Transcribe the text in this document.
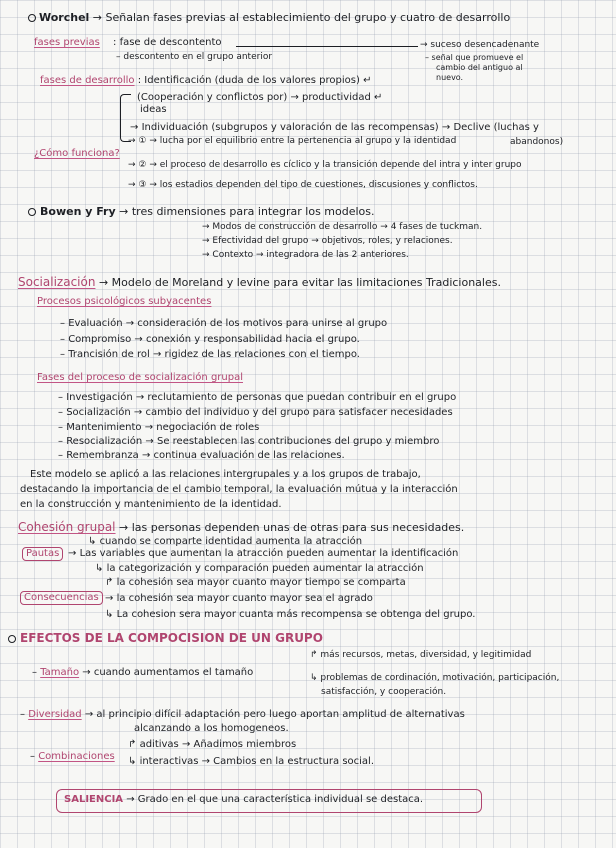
Worchel → Señalan fases previas al establecimiento del grupo y cuatro de desarrollo
fases previas : fase de descontento	→ suceso desencadenante
– descontento en el grupo anterior	– señal que promueve el
cambio del antiguo al
nuevo.
fases de desarrollo : Identificación (duda de los valores propios) ↵
(Cooperación y conflictos por) → productividad ↵
ideas
→ Individuación (subgrupos y valoración de las recompensas) → Declive (luchas y
abandonos)
¿Cómo funciona?
→ ① → lucha por el equilibrio entre la pertenencia al grupo y la identidad
→ ② → el proceso de desarrollo es cíclico y la transición depende del intra y inter grupo
→ ③ → los estadios dependen del tipo de cuestiones, discusiones y conflictos.
Bowen y Fry → tres dimensiones para integrar los modelos.
→ Modos de construcción de desarrollo → 4 fases de tuckman.
→ Efectividad del grupo → objetivos, roles, y relaciones.
→ Contexto → integradora de las 2 anteriores.
Socialización → Modelo de Moreland y levine para evitar las limitaciones Tradicionales.
Procesos psicológicos subyacentes
– Evaluación → consideración de los motivos para unirse al grupo
– Compromiso → conexión y responsabilidad hacia el grupo.
– Trancisión de rol → rigidez de las relaciones con el tiempo.
Fases del proceso de socialización grupal
– Investigación → reclutamiento de personas que puedan contribuir en el grupo
– Socialización → cambio del individuo y del grupo para satisfacer necesidades
– Mantenimiento → negociación de roles
– Resocialización → Se reestablecen las contribuciones del grupo y miembro
– Remembranza → continua evaluación de las relaciones.
Este modelo se aplicó a las relaciones intergrupales y a los grupos de trabajo,
destacando la importancia de el cambio temporal, la evaluación mútua y la interacción
en la construcción y mantenimiento de la identidad.
Cohesión grupal → las personas dependen unas de otras para sus necesidades.
↳ cuando se comparte identidad aumenta la atracción
Pautas → Las variables que aumentan la atracción pueden aumentar la identificación
↳ la categorización y comparación pueden aumentar la atracción
Consecuencias
↱ la cohesión sea mayor cuanto mayor tiempo se comparta
→ la cohesión sea mayor cuanto mayor sea el agrado
↳ La cohesion sera mayor cuanta más recompensa se obtenga del grupo.
EFECTOS DE LA COMPOCISION DE UN GRUPO
– Tamaño → cuando aumentamos el tamaño
↱ más recursos, metas, diversidad, y legitimidad
↳ problemas de cordinación, motivación, participación,
satisfacción, y cooperación.
– Diversidad → al principio difícil adaptación pero luego aportan amplitud de alternativas
alcanzando a los homogeneos.
– Combinaciones
↱ aditivas → Añadimos miembros
↳ interactivas → Cambios en la estructura social.
SALIENCIA → Grado en el que una característica individual se destaca.
